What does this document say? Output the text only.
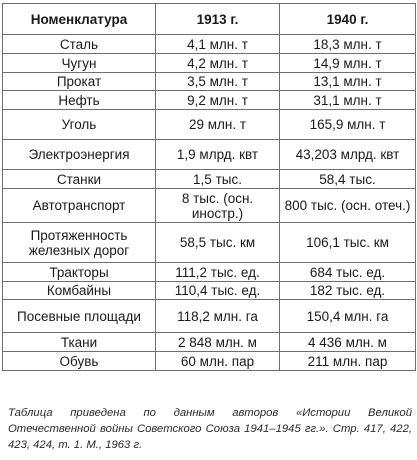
Номенклатура	1913 г.	1940 г.
Сталь	4,1 млн. т	18,3 млн. т
Чугун	4,2 млн. т	14,9 млн. т
Прокат	3,5 млн. т	13,1 млн. т
Нефть	9,2 млн. т	31,1 млн. т
Уголь	29 млн. т	165,9 млн. т
Электроэнергия	1,9 млрд. квт	43,203 млрд. квт
Станки	1,5 тыс.	58,4 тыс.
Автотранспорт	8 тыс. (осн. иностр.)	800 тыс. (осн. отеч.)
Протяженность железных дорог	58,5 тыс. км	106,1 тыс. км
Тракторы	111,2 тыс. ед.	684 тыс. ед.
Комбайны	110,4 тыс. ед.	182 тыс. ед.
Посевные площади	118,2 млн. га	150,4 млн. га
Ткани	2 848 млн. м	4 436 млн. м
Обувь	60 млн. пар	211 млн. пар
Таблица приведена по данным авторов «Истории Великой Отечественной войны Советского Союза 1941–1945 гг.». Стр. 417, 422, 423, 424, т. 1. М., 1963 г.
